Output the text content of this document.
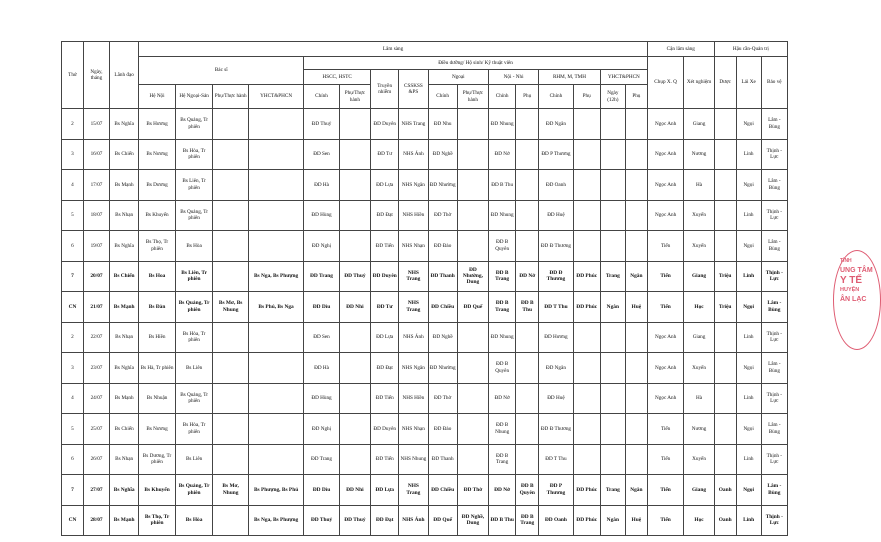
Thứ	Ngày, tháng	Lãnh đạo	Lâm sàng																Cận lâm sàng		Hậu cần-Quản trị		
			Bác sĩ				Điều dưỡng/ Hộ sinh/ Kỹ thuật viên												Chụp X. Q	Xét nghiệm	Dược	Lái Xe	Bảo vệ
							HSCC, HSTC		Truyền nhiễm	CSSKSS &PS	Ngoại		Nội - Nhi		RHM, M, TMH		YHCT&PHCN						
			Hệ Nội	Hệ Ngoại-Sản	Phụ/Thực hành	YHCT&PHCN	Chính	Phụ/Thực hành			Chính	Phụ/Thực hành	Chính	Phụ	Chính	Phụ	Ngày (12h)	Phụ					
2	15/07	Bs Nghĩa	Bs Hương	Bs Quảng, Tr phiên			ĐD Thuỷ		ĐD Duyên	NHS Trang	ĐD Nhu		ĐD Nhung		ĐD Ngân				Ngọc Anh	Giang		Ngọi	Lâm - Bùng
3	16/07	Bs Chiến	Bs Nương	Bs Hòa, Tr phiên			ĐD Sen		ĐD Tư	NHS Ánh	ĐD Nghề		ĐD Nở		ĐD P Thương				Ngọc Anh	Nương		Linh	Thịnh - Lực
4	17/07	Bs Mạnh	Bs Dương	Bs Liên, Tr phiên			ĐD Hà		ĐD Lựa	NHS Ngân	ĐD Nhường		ĐD B Thu		ĐD Oanh				Ngọc Anh	Hà		Ngọi	Lâm - Bùng
5	18/07	Bs Nhạn	Bs Khuyến	Bs Quảng, Tr phiên			ĐD Hùng		ĐD Đạt	NHS Hiền	ĐD Thờ		ĐD Nhung		ĐD Huệ				Ngọc Anh	Xuyến		Linh	Thịnh - Lực
6	19/07	Bs Nghĩa	Bs Thọ, Tr phiên	Bs Hòa			ĐD Nghị		ĐD Tiến	NHS Nhạn	ĐD Đào		ĐD B Quyên		ĐD Đ Thương				Tiến	Xuyến		Ngọi	Lâm - Bùng
7	20/07	Bs Chiến	Bs Hoa	Bs Liên, Tr phiên		Bs Nga, Bs Phượng	ĐD Trang	ĐD Thuỷ	ĐD Duyên	NHS Trang	ĐD Thanh	ĐD Nhường, Dung	ĐD B Trang	ĐD Nở	ĐD Đ Thương	ĐD Phúc	Trang	Ngân	Tiến	Giang	Triệu	Linh	Thịnh - Lực
CN	21/07	Bs Mạnh	Bs Đàn	Bs Quảng, Tr phiên	Bs Mơ, Bs Nhung	Bs Phú, Bs Nga	ĐD Dìu	ĐD Nhi	ĐD Tư	NHS Trang	ĐD Chiều	ĐD Quế	ĐD B Trang	ĐD B Thu	ĐD T Thu	ĐD Phúc	Ngân	Huệ	Tiến	Học	Triệu	Ngọi	Lâm - Bùng
2	22/07	Bs Nhạn	Bs Hiền	Bs Hòa, Tr phiên			ĐD Sen		ĐD Lựa	NHS Ánh	ĐD Nghề		ĐD Nhung		ĐD Hương				Ngọc Anh	Giang		Linh	Thịnh - Lực
3	23/07	Bs Nghĩa	Bs Hà, Tr phiên	Bs Liên			ĐD Hà		ĐD Đạt	NHS Ngân	ĐD Nhường		ĐD B Quyên		ĐD Ngân				Ngọc Anh	Xuyến		Ngọi	Lâm - Bùng
4	24/07	Bs Mạnh	Bs Nhuận	Bs Quảng, Tr phiên			ĐD Hùng		ĐD Tiến	NHS Hiền	ĐD Thờ		ĐD Nở		ĐD Huệ				Ngọc Anh	Hà		Linh	Thịnh - Lực
5	25/07	Bs Chiến	Bs Nương	Bs Hòa, Tr phiên			ĐD Nghị		ĐD Duyên	NHS Nhạn	ĐD Đào		ĐD B Nhung		ĐD Đ Thương				Tiến	Nương		Ngọi	Lâm - Bùng
6	26/07	Bs Nhạn	Bs Dương, Tr phiên	Bs Liên			ĐD Trang		ĐD Tiến	NHS Nhung	ĐD Thanh		ĐD B Trang		ĐD T Thu				Tiến	Xuyến		Linh	Thịnh - Lực
7	27/07	Bs Nghĩa	Bs Khuyến	Bs Quảng, Tr phiên	Bs Mơ, Nhung	Bs Phượng, Bs Phú	ĐD Dìu	ĐD Nhi	ĐD Lựa	NHS Trang	ĐD Chiều	ĐD Thờ	ĐD Nở	ĐD B Quyên	ĐD P Thương	ĐD Phúc	Trang	Ngân	Tiến	Giang	Oanh	Ngọi	Lâm - Bùng
CN	28/07	Bs Mạnh	Bs Thọ, Tr phiên	Bs Hòa		Bs Nga, Bs Phượng	ĐD Thuỷ	ĐD Thuỷ	ĐD Đạt	NHS Ánh	ĐD Quế	ĐD Nghề, Dung	ĐD B Thu	ĐD B Trang	ĐD Oanh	ĐD Phúc	Ngân	Huệ	Tiến	Học	Oanh	Linh	Thịnh - Lực
TỈNH
UNG TÂM
Y TẾ
HUYỆN
ÂN LẠC
